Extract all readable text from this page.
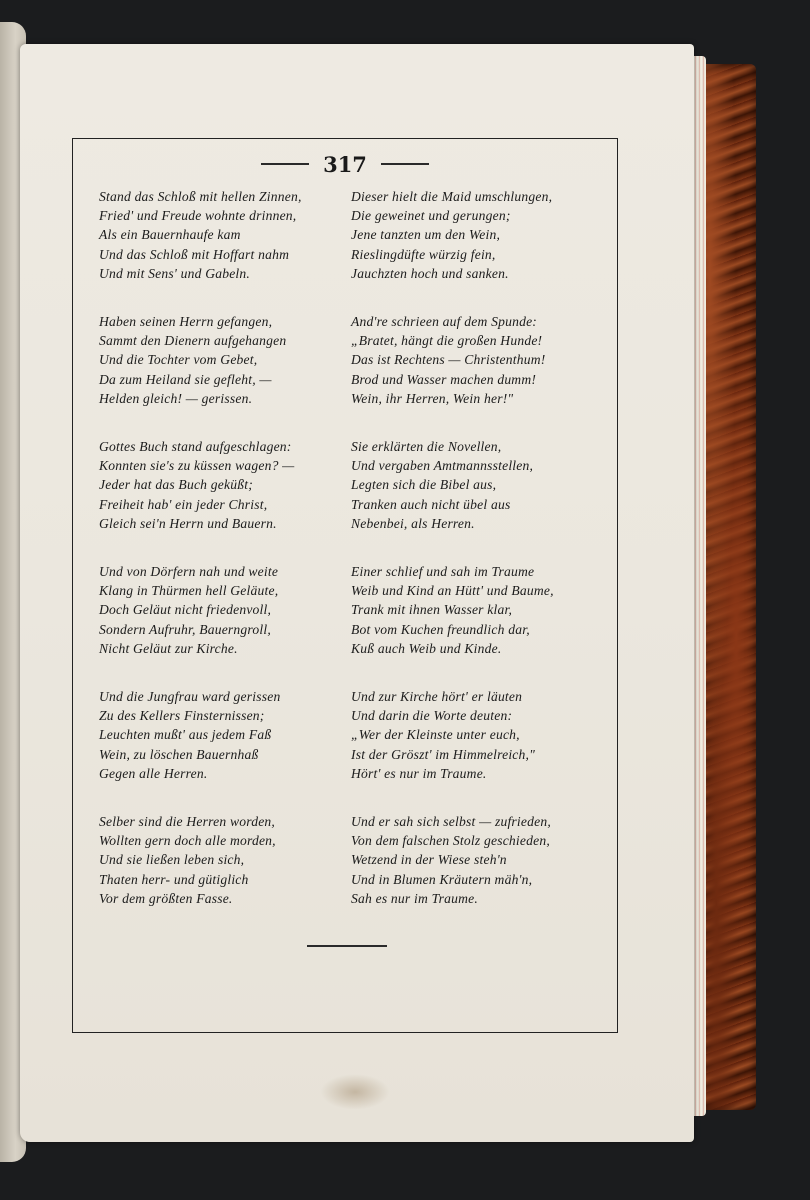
317
Stand das Schloß mit hellen Zinnen,
Fried' und Freude wohnte drinnen,
Als ein Bauernhaufe kam
Und das Schloß mit Hoffart nahm
Und mit Sens' und Gabeln.
Haben seinen Herrn gefangen,
Sammt den Dienern aufgehangen
Und die Tochter vom Gebet,
Da zum Heiland sie gefleht, —
Helden gleich! — gerissen.
Gottes Buch stand aufgeschlagen:
Konnten sie's zu küssen wagen? —
Jeder hat das Buch geküßt;
Freiheit hab' ein jeder Christ,
Gleich sei'n Herrn und Bauern.
Und von Dörfern nah und weite
Klang in Thürmen hell Geläute,
Doch Geläut nicht friedenvoll,
Sondern Aufruhr, Bauerngroll,
Nicht Geläut zur Kirche.
Und die Jungfrau ward gerissen
Zu des Kellers Finsternissen;
Leuchten mußt' aus jedem Faß
Wein, zu löschen Bauernhaß
Gegen alle Herren.
Selber sind die Herren worden,
Wollten gern doch alle morden,
Und sie ließen leben sich,
Thaten herr- und gütiglich
Vor dem größten Fasse.
Dieser hielt die Maid umschlungen,
Die geweinet und gerungen;
Jene tanzten um den Wein,
Rieslingdüfte würzig fein,
Jauchzten hoch und sanken.
And're schrieen auf dem Spunde:
„Bratet, hängt die großen Hunde!
Das ist Rechtens — Christenthum!
Brod und Wasser machen dumm!
Wein, ihr Herren, Wein her!"
Sie erklärten die Novellen,
Und vergaben Amtmannsstellen,
Legten sich die Bibel aus,
Tranken auch nicht übel aus
Nebenbei, als Herren.
Einer schlief und sah im Traume
Weib und Kind an Hütt' und Baume,
Trank mit ihnen Wasser klar,
Bot vom Kuchen freundlich dar,
Kuß auch Weib und Kinde.
Und zur Kirche hört' er läuten
Und darin die Worte deuten:
„Wer der Kleinste unter euch,
Ist der Gröszt' im Himmelreich,"
Hört' es nur im Traume.
Und er sah sich selbst — zufrieden,
Von dem falschen Stolz geschieden,
Wetzend in der Wiese steh'n
Und in Blumen Kräutern mäh'n,
Sah es nur im Traume.
